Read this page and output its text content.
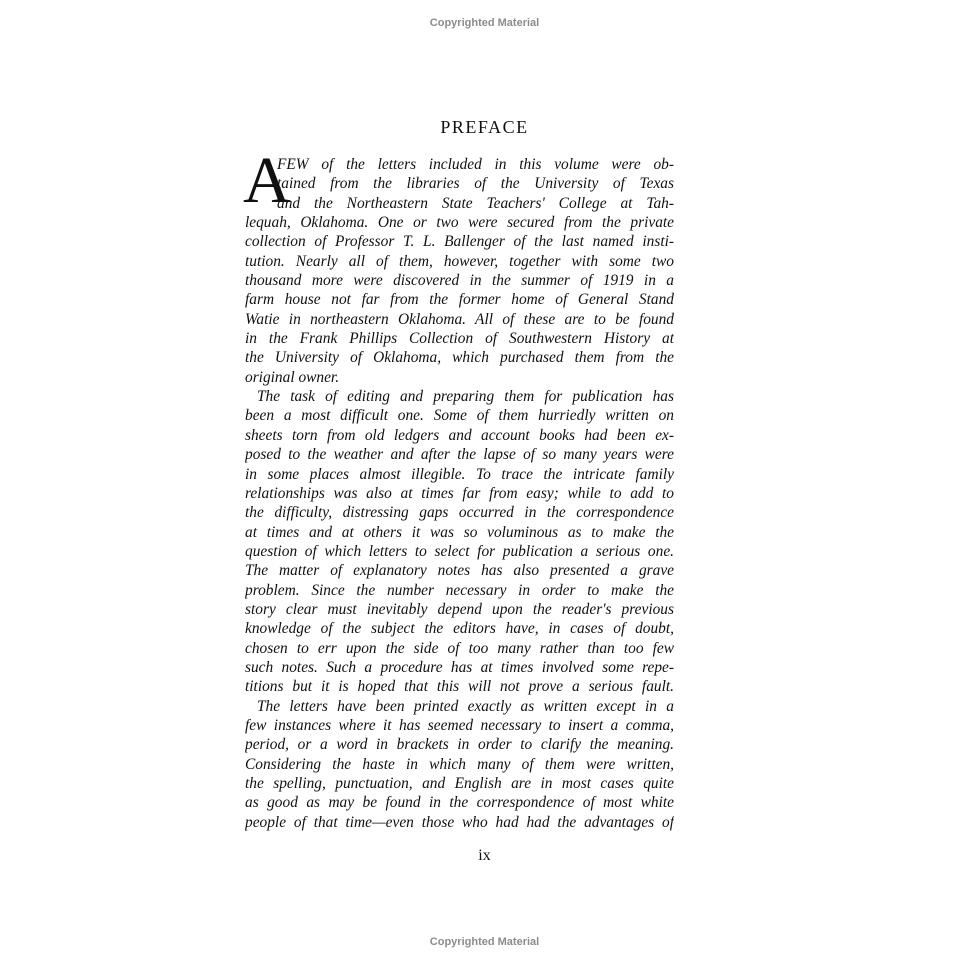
Copyrighted Material
PREFACE
A
FEW of the letters included in this volume were ob-
tained from the libraries of the University of Texas
and the Northeastern State Teachers' College at Tah-
lequah, Oklahoma. One or two were secured from the private
collection of Professor T. L. Ballenger of the last named insti-
tution. Nearly all of them, however, together with some two
thousand more were discovered in the summer of 1919 in a
farm house not far from the former home of General Stand
Watie in northeastern Oklahoma. All of these are to be found
in the Frank Phillips Collection of Southwestern History at
the University of Oklahoma, which purchased them from the
original owner.
The task of editing and preparing them for publication has
been a most difficult one. Some of them hurriedly written on
sheets torn from old ledgers and account books had been ex-
posed to the weather and after the lapse of so many years were
in some places almost illegible. To trace the intricate family
relationships was also at times far from easy; while to add to
the difficulty, distressing gaps occurred in the correspondence
at times and at others it was so voluminous as to make the
question of which letters to select for publication a serious one.
The matter of explanatory notes has also presented a grave
problem. Since the number necessary in order to make the
story clear must inevitably depend upon the reader's previous
knowledge of the subject the editors have, in cases of doubt,
chosen to err upon the side of too many rather than too few
such notes. Such a procedure has at times involved some repe-
titions but it is hoped that this will not prove a serious fault.
The letters have been printed exactly as written except in a
few instances where it has seemed necessary to insert a comma,
period, or a word in brackets in order to clarify the meaning.
Considering the haste in which many of them were written,
the spelling, punctuation, and English are in most cases quite
as good as may be found in the correspondence of most white
people of that time—even those who had had the advantages of
ix
Copyrighted Material
